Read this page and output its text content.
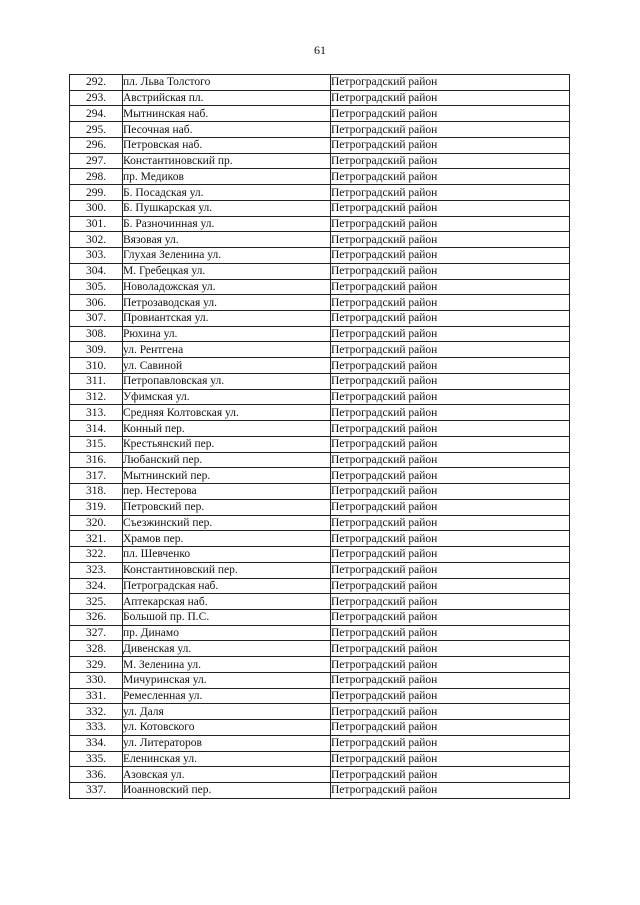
61
292.	пл. Льва Толстого	Петроградский район
293.	Австрийская пл.	Петроградский район
294.	Мытнинская наб.	Петроградский район
295.	Песочная наб.	Петроградский район
296.	Петровская наб.	Петроградский район
297.	Константиновский пр.	Петроградский район
298.	пр. Медиков	Петроградский район
299.	Б. Посадская ул.	Петроградский район
300.	Б. Пушкарская ул.	Петроградский район
301.	Б. Разночинная ул.	Петроградский район
302.	Вязовая ул.	Петроградский район
303.	Глухая Зеленина ул.	Петроградский район
304.	М. Гребецкая ул.	Петроградский район
305.	Новоладожская ул.	Петроградский район
306.	Петрозаводская ул.	Петроградский район
307.	Провиантская ул.	Петроградский район
308.	Рюхина ул.	Петроградский район
309.	ул. Рентгена	Петроградский район
310.	ул. Савиной	Петроградский район
311.	Петропавловская ул.	Петроградский район
312.	Уфимская ул.	Петроградский район
313.	Средняя Колтовская ул.	Петроградский район
314.	Конный пер.	Петроградский район
315.	Крестьянский пер.	Петроградский район
316.	Любанский пер.	Петроградский район
317.	Мытнинский пер.	Петроградский район
318.	пер. Нестерова	Петроградский район
319.	Петровский пер.	Петроградский район
320.	Съезжинский пер.	Петроградский район
321.	Храмов пер.	Петроградский район
322.	пл. Шевченко	Петроградский район
323.	Константиновский пер.	Петроградский район
324.	Петроградская наб.	Петроградский район
325.	Аптекарская наб.	Петроградский район
326.	Большой пр. П.С.	Петроградский район
327.	пр. Динамо	Петроградский район
328.	Дивенская ул.	Петроградский район
329.	М. Зеленина ул.	Петроградский район
330.	Мичуринская ул.	Петроградский район
331.	Ремесленная ул.	Петроградский район
332.	ул. Даля	Петроградский район
333.	ул. Котовского	Петроградский район
334.	ул. Литераторов	Петроградский район
335.	Еленинская ул.	Петроградский район
336.	Азовская ул.	Петроградский район
337.	Иоанновский пер.	Петроградский район
